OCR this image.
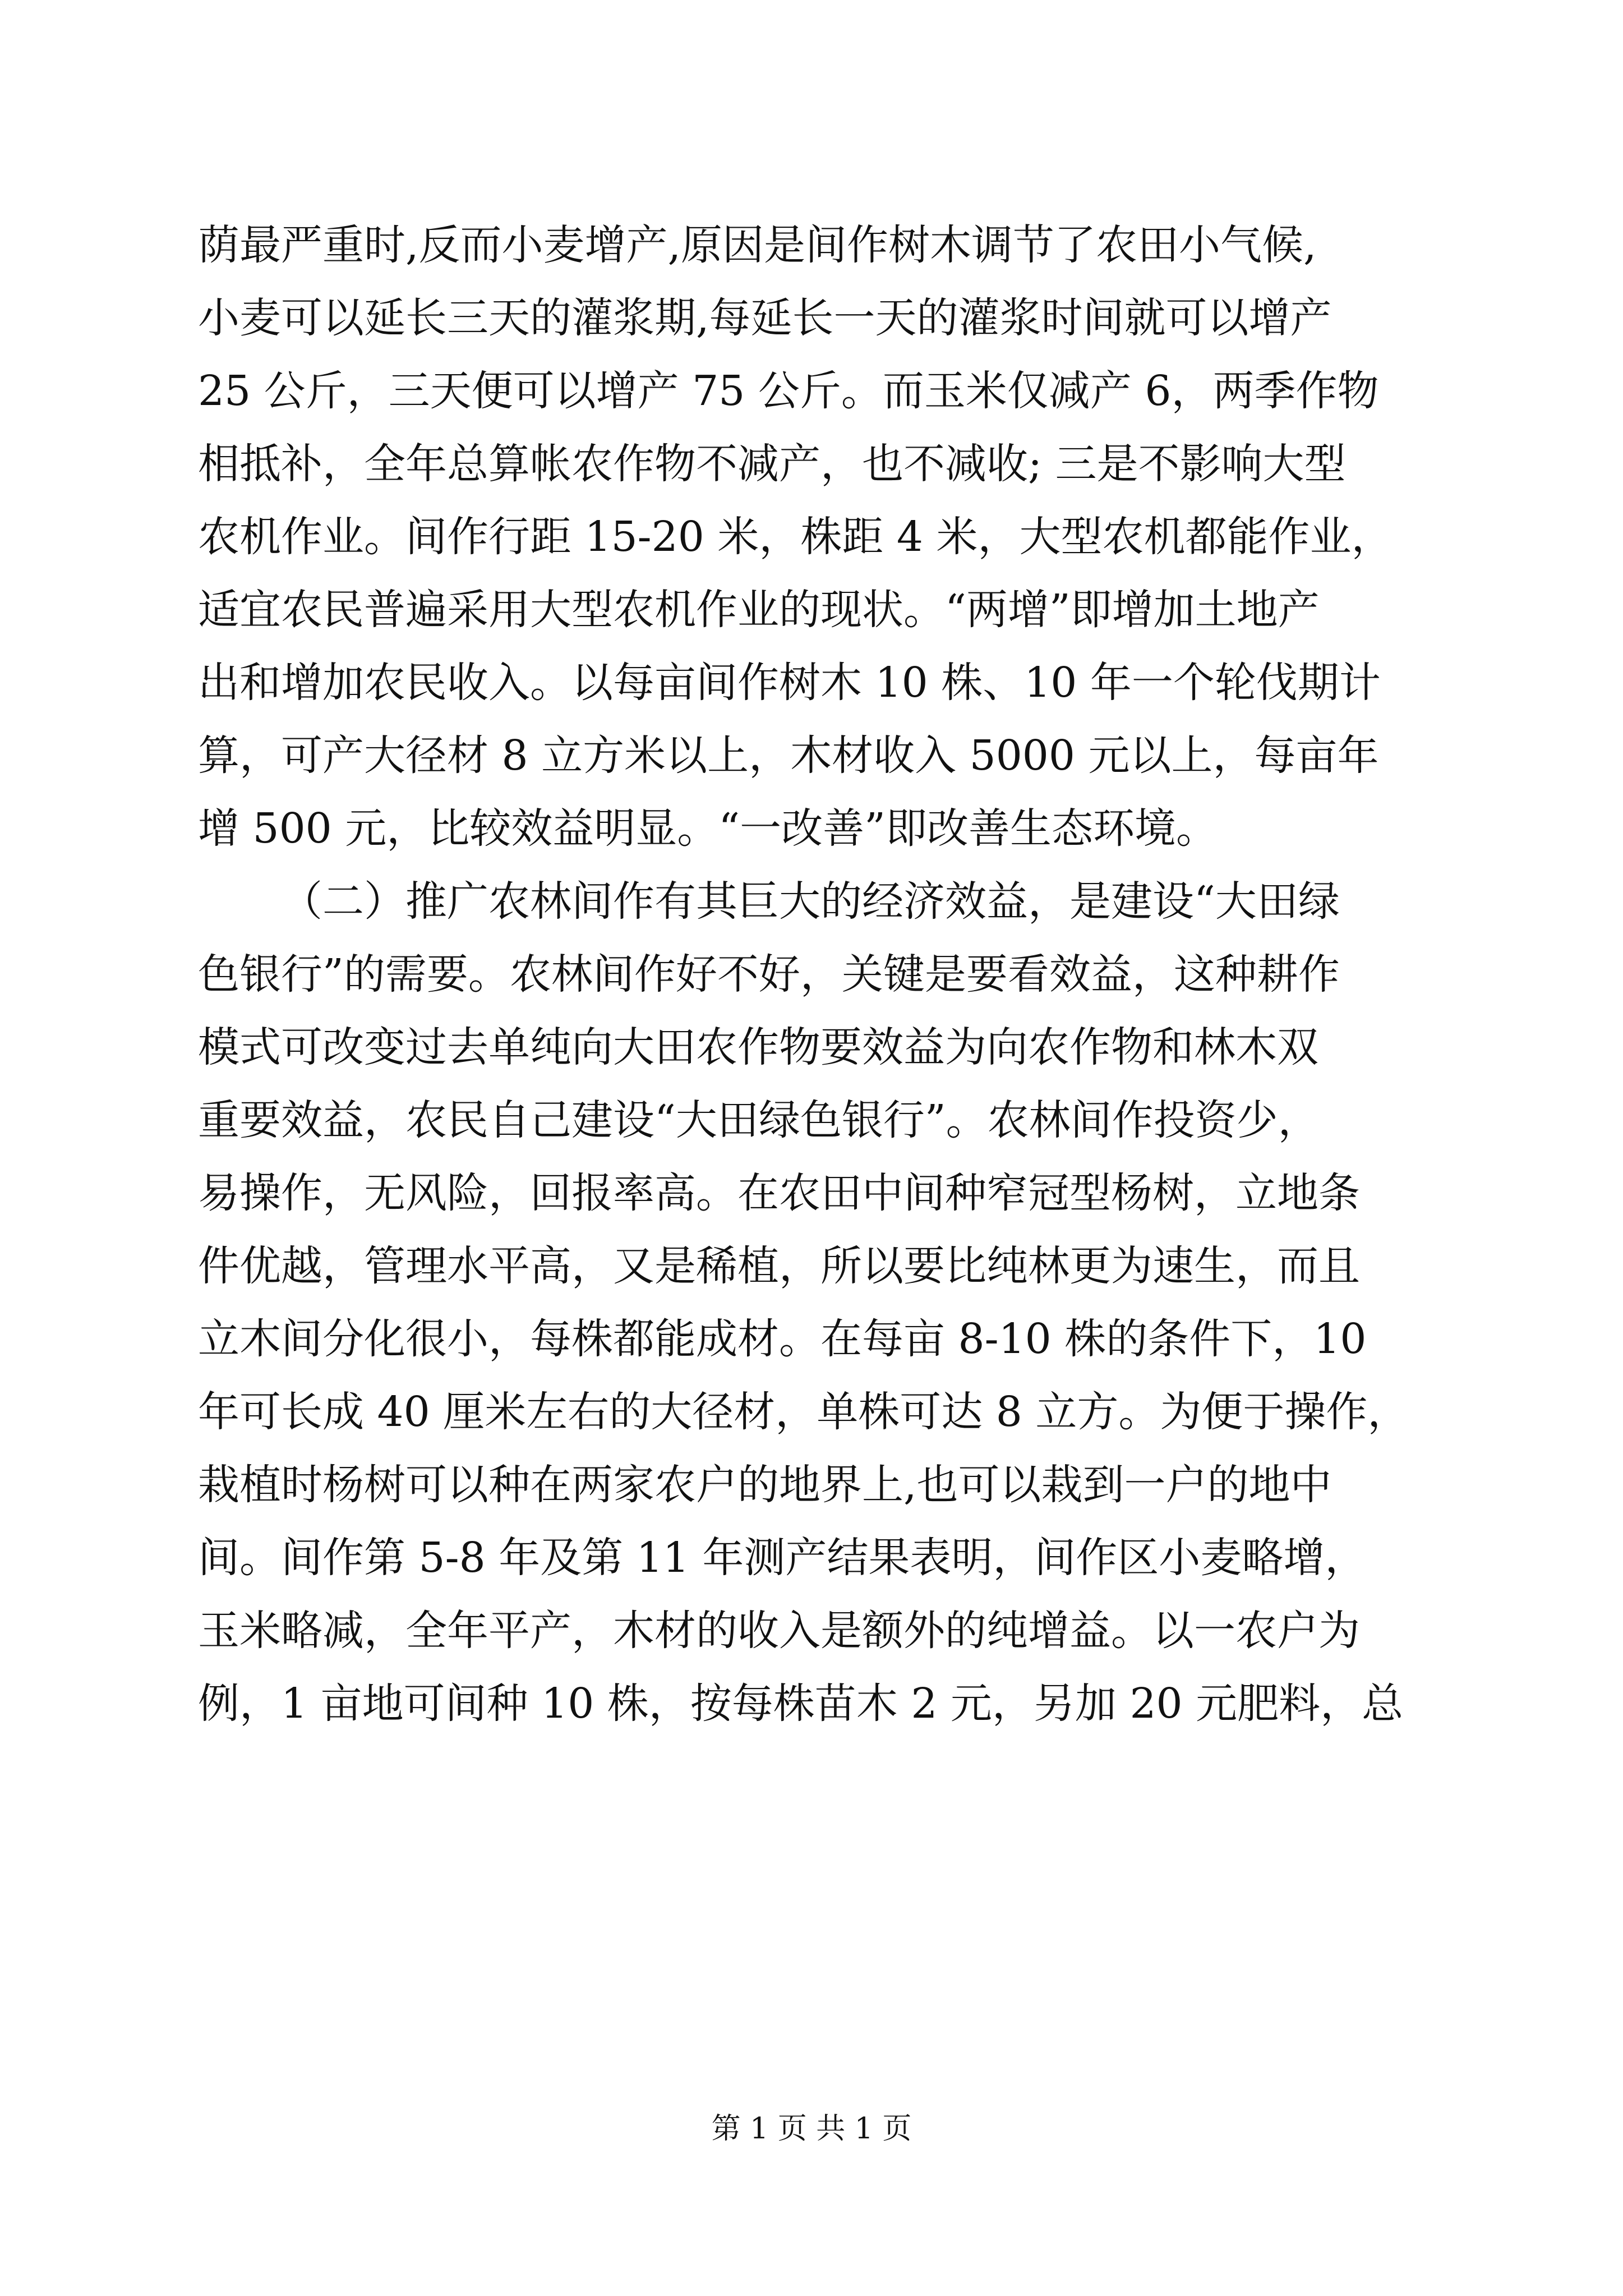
荫最严重时,反而小麦增产,原因是间作树木调节了农田小气候,
小麦可以延长三天的灌浆期,每延长一天的灌浆时间就可以增产
25 公斤，三天便可以增产 75 公斤。而玉米仅减产 6，两季作物
相抵补，全年总算帐农作物不减产，也不减收; 三是不影响大型
农机作业。间作行距 15-20 米，株距 4 米，大型农机都能作业，
适宜农民普遍采用大型农机作业的现状。“两增”即增加土地产
出和增加农民收入。以每亩间作树木 10 株、10 年一个轮伐期计
算，可产大径材 8 立方米以上，木材收入 5000 元以上，每亩年
增 500 元，比较效益明显。“一改善”即改善生态环境。
（二）推广农林间作有其巨大的经济效益，是建设“大田绿
色银行”的需要。农林间作好不好，关键是要看效益，这种耕作
模式可改变过去单纯向大田农作物要效益为向农作物和林木双
重要效益，农民自己建设“大田绿色银行”。农林间作投资少，
易操作，无风险，回报率高。在农田中间种窄冠型杨树，立地条
件优越，管理水平高，又是稀植，所以要比纯林更为速生，而且
立木间分化很小，每株都能成材。在每亩 8-10 株的条件下，10
年可长成 40 厘米左右的大径材，单株可达 8 立方。为便于操作，
栽植时杨树可以种在两家农户的地界上,也可以栽到一户的地中
间。间作第 5-8 年及第 11 年测产结果表明，间作区小麦略增，
玉米略减，全年平产，木材的收入是额外的纯增益。以一农户为
例，1 亩地可间种 10 株，按每株苗木 2 元，另加 20 元肥料，总
第 1 页 共 1 页
